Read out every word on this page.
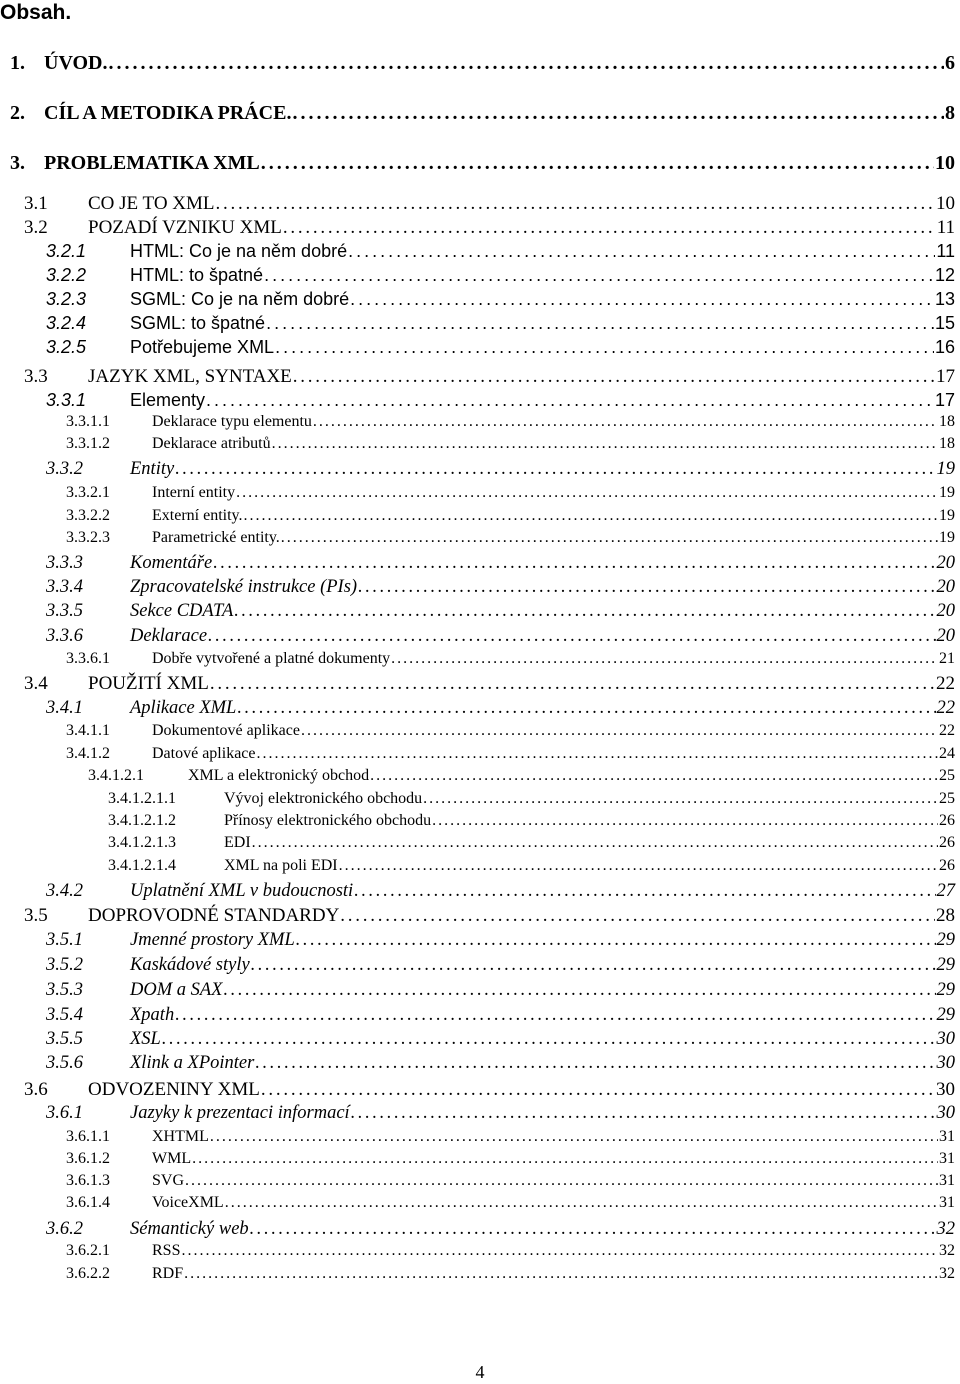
Obsah.
1. ÚVOD. . . .	6
2. CÍL A METODIKA PRÁCE. . . .	8
3. PROBLEMATIKA XML . . .	10
3.1	CO JE TO XML . . .	10
3.2	POZADÍ VZNIKU XML . . .	11
3.2.1	HTML: Co je na něm dobré . . .	11
3.2.2	HTML: to špatné . . .	12
3.2.3	SGML: Co je na něm dobré . . .	13
3.2.4	SGML: to špatné . . .	15
3.2.5	Potřebujeme XML . . .	16
3.3	JAZYK XML, SYNTAXE . . .	17
3.3.1	Elementy . . .	17
3.3.1.1	Deklarace typu elementu . . .	18
3.3.1.2	Deklarace atributů . . .	18
3.3.2	Entity . . .	19
3.3.2.1	Interní entity . . .	19
3.3.2.2	Externí entity. . . .	19
3.3.2.3	Parametrické entity. . . .	19
3.3.3	Komentáře . . .	20
3.3.4	Zpracovatelské instrukce (PIs) . . .	20
3.3.5	Sekce CDATA . . .	20
3.3.6	Deklarace . . .	20
3.3.6.1	Dobře vytvořené a platné dokumenty . . .	21
3.4	POUŽITÍ XML . . .	22
3.4.1	Aplikace XML . . .	22
3.4.1.1	Dokumentové aplikace . . .	22
3.4.1.2	Datové aplikace . . .	24
3.4.1.2.1	XML a elektronický obchod . . .	25
3.4.1.2.1.1	Vývoj elektronického obchodu . . .	25
3.4.1.2.1.2	Přínosy elektronického obchodu . . .	26
3.4.1.2.1.3	EDI . . .	26
3.4.1.2.1.4	XML na poli EDI . . .	26
3.4.2	Uplatnění XML v budoucnosti . . .	27
3.5	DOPROVODNÉ STANDARDY . . .	28
3.5.1	Jmenné prostory XML . . .	29
3.5.2	Kaskádové styly . . .	29
3.5.3	DOM a SAX . . .	29
3.5.4	Xpath . . .	29
3.5.5	XSL . . .	30
3.5.6	Xlink a XPointer . . .	30
3.6	ODVOZENINY XML . . .	30
3.6.1	Jazyky k prezentaci informací . . .	30
3.6.1.1	XHTML . . .	31
3.6.1.2	WML . . .	31
3.6.1.3	SVG . . .	31
3.6.1.4	VoiceXML . . .	31
3.6.2	Sémantický web . . .	32
3.6.2.1	RSS . . .	32
3.6.2.2	RDF . . .	32
4
